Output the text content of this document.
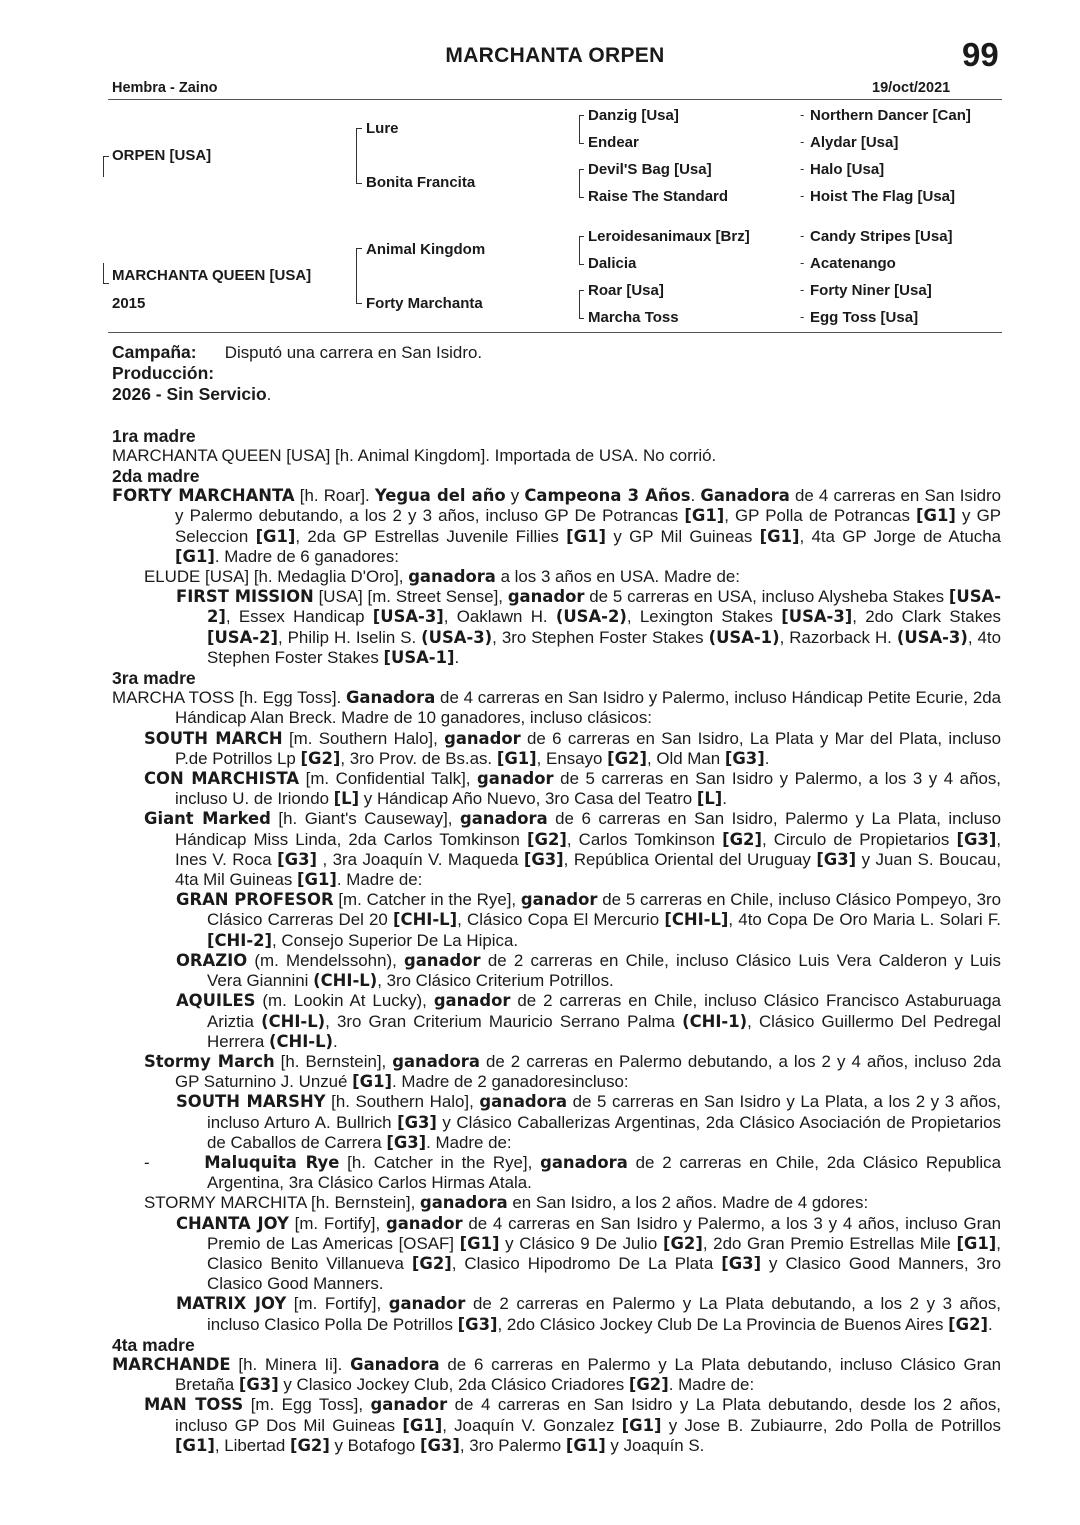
MARCHANTA ORPEN	99
Hembra - Zaino	19/oct/2021
ORPEN [USA]
MARCHANTA QUEEN [USA]
2015
Lure
Bonita Francita
Animal Kingdom
Forty Marchanta
Danzig [Usa]
Endear
Devil'S Bag [Usa]
Raise The Standard
Leroidesanimaux [Brz]
Dalicia
Roar [Usa]
Marcha Toss
-
-
-
-
-
-
-
-
Northern Dancer [Can]
Alydar [Usa]
Halo [Usa]
Hoist The Flag [Usa]
Candy Stripes [Usa]
Acatenango
Forty Niner [Usa]
Egg Toss [Usa]

Campaña: Disputó una carrera en San Isidro.

Producción:

2026 - Sin Servicio.

1ra madre

MARCHANTA QUEEN [USA] [h. Animal Kingdom]. Importada de USA. No corrió.

2da madre

FORTY MARCHANTA [h. Roar]. Yegua del año y Campeona 3 Años. Ganadora de 4 carreras en San Isidro y Palermo debutando, a los 2 y 3 años, incluso GP De Potrancas [G1], GP Polla de Potrancas [G1] y GP Seleccion [G1], 2da GP Estrellas Juvenile Fillies [G1] y GP Mil Guineas [G1], 4ta GP Jorge de Atucha [G1]. Madre de 6 ganadores:

ELUDE [USA] [h. Medaglia D'Oro], ganadora a los 3 años en USA. Madre de:

FIRST MISSION [USA] [m. Street Sense], ganador de 5 carreras en USA, incluso Alysheba Stakes [USA-2], Essex Handicap [USA-3], Oaklawn H. (USA-2), Lexington Stakes [USA-3], 2do Clark Stakes [USA-2], Philip H. Iselin S. (USA-3), 3ro Stephen Foster Stakes (USA-1), Razorback H. (USA-3), 4to Stephen Foster Stakes [USA-1].

3ra madre

MARCHA TOSS [h. Egg Toss]. Ganadora de 4 carreras en San Isidro y Palermo, incluso Hándicap Petite Ecurie, 2da Hándicap Alan Breck. Madre de 10 ganadores, incluso clásicos:

SOUTH MARCH [m. Southern Halo], ganador de 6 carreras en San Isidro, La Plata y Mar del Plata, incluso P.de Potrillos Lp [G2], 3ro Prov. de Bs.as. [G1], Ensayo [G2], Old Man [G3].

CON MARCHISTA [m. Confidential Talk], ganador de 5 carreras en San Isidro y Palermo, a los 3 y 4 años, incluso U. de Iriondo [L] y Hándicap Año Nuevo, 3ro Casa del Teatro [L].

Giant Marked [h. Giant's Causeway], ganadora de 6 carreras en San Isidro, Palermo y La Plata, incluso Hándicap Miss Linda, 2da Carlos Tomkinson [G2], Carlos Tomkinson [G2], Circulo de Propietarios [G3], Ines V. Roca [G3] , 3ra Joaquín V. Maqueda [G3], República Oriental del Uruguay [G3] y Juan S. Boucau, 4ta Mil Guineas [G1]. Madre de:

GRAN PROFESOR [m. Catcher in the Rye], ganador de 5 carreras en Chile, incluso Clásico Pompeyo, 3ro Clásico Carreras Del 20 [CHI-L], Clásico Copa El Mercurio [CHI-L], 4to Copa De Oro Maria L. Solari F. [CHI-2], Consejo Superior De La Hipica.

ORAZIO (m. Mendelssohn), ganador de 2 carreras en Chile, incluso Clásico Luis Vera Calderon y Luis Vera Giannini (CHI-L), 3ro Clásico Criterium Potrillos.

AQUILES (m. Lookin At Lucky), ganador de 2 carreras en Chile, incluso Clásico Francisco Astaburuaga Ariztia (CHI-L), 3ro Gran Criterium Mauricio Serrano Palma (CHI-1), Clásico Guillermo Del Pedregal Herrera (CHI-L).

Stormy March [h. Bernstein], ganadora de 2 carreras en Palermo debutando, a los 2 y 4 años, incluso 2da GP Saturnino J. Unzué [G1]. Madre de 2 ganadoresincluso:

SOUTH MARSHY [h. Southern Halo], ganadora de 5 carreras en San Isidro y La Plata, a los 2 y 3 años, incluso Arturo A. Bullrich [G3] y Clásico Caballerizas Argentinas, 2da Clásico Asociación de Propietarios de Caballos de Carrera [G3]. Madre de:

-       Maluquita Rye [h. Catcher in the Rye], ganadora de 2 carreras en Chile, 2da Clásico Republica Argentina, 3ra Clásico Carlos Hirmas Atala.

STORMY MARCHITA [h. Bernstein], ganadora en San Isidro, a los 2 años. Madre de 4 gdores:

CHANTA JOY [m. Fortify], ganador de 4 carreras en San Isidro y Palermo, a los 3 y 4 años, incluso Gran Premio de Las Americas [OSAF] [G1] y Clásico 9 De Julio [G2], 2do Gran Premio Estrellas Mile [G1], Clasico Benito Villanueva [G2], Clasico Hipodromo De La Plata [G3] y Clasico Good Manners, 3ro Clasico Good Manners.

MATRIX JOY [m. Fortify], ganador de 2 carreras en Palermo y La Plata debutando, a los 2 y 3 años, incluso Clasico Polla De Potrillos [G3], 2do Clásico Jockey Club De La Provincia de Buenos Aires [G2].

4ta madre

MARCHANDE [h. Minera Ii]. Ganadora de 6 carreras en Palermo y La Plata debutando, incluso Clásico Gran Bretaña [G3] y Clasico Jockey Club, 2da Clásico Criadores [G2]. Madre de:

MAN TOSS [m. Egg Toss], ganador de 4 carreras en San Isidro y La Plata debutando, desde los 2 años, incluso GP Dos Mil Guineas [G1], Joaquín V. Gonzalez [G1] y Jose B. Zubiaurre, 2do Polla de Potrillos [G1], Libertad [G2] y Botafogo [G3], 3ro Palermo [G1] y Joaquín S.
